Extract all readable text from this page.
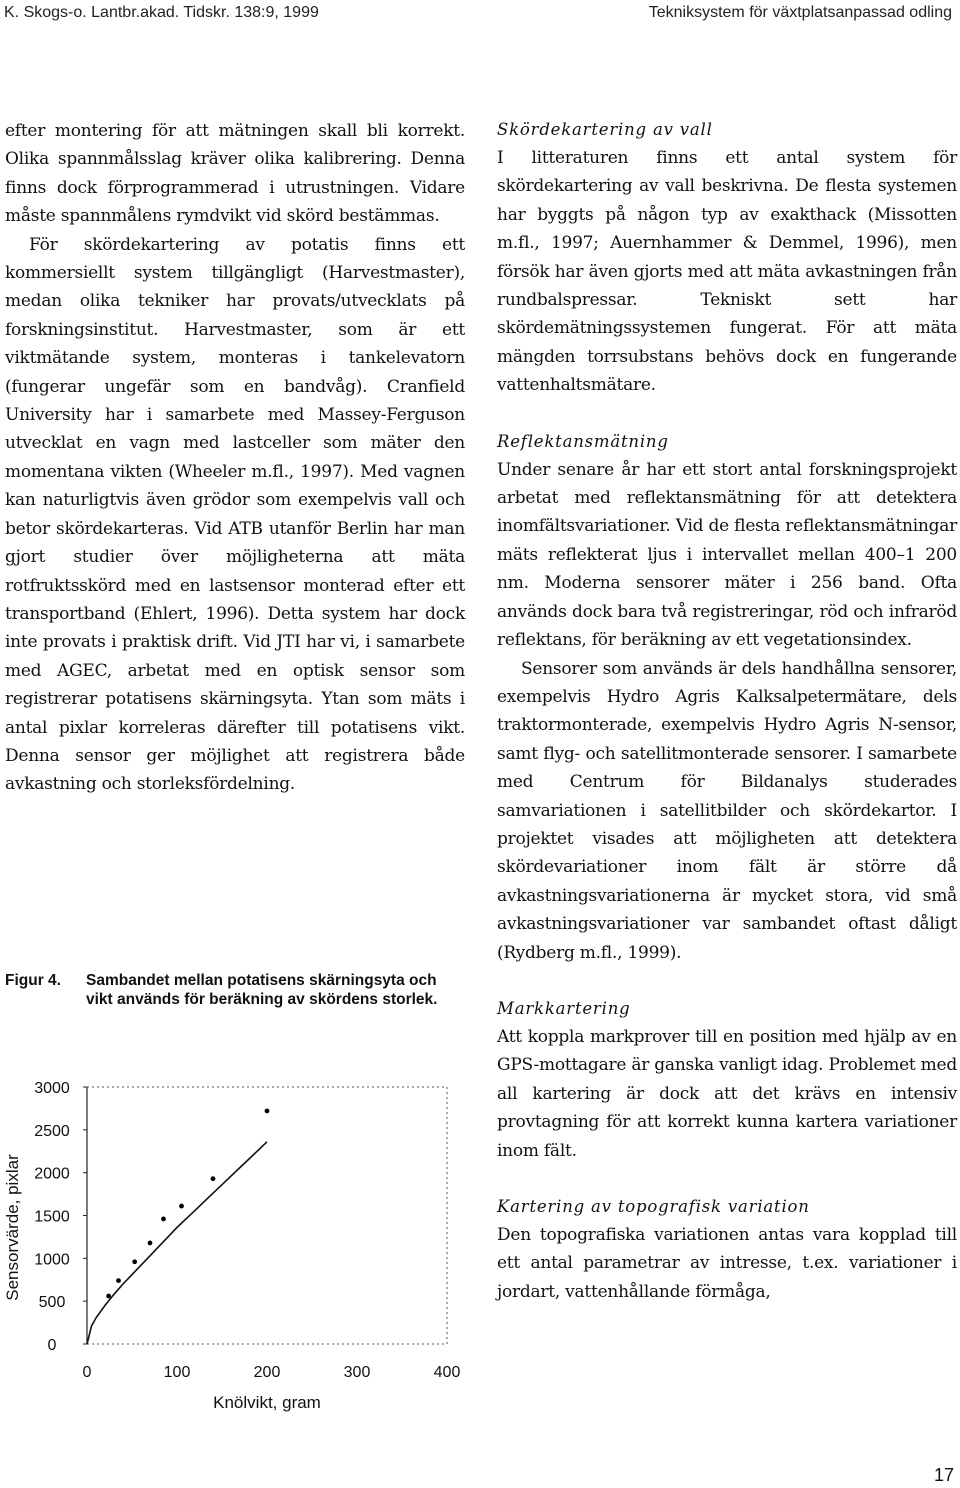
K. Skogs-o. Lantbr.akad. Tidskr. 138:9, 1999	Tekniksystem för växtplatsanpassad odling

efter montering för att mätningen skall bli korrekt. Olika spannmålsslag kräver olika kalibrering. Denna finns dock förprogrammerad i utrustningen. Vidare måste spannmålens rymdvikt vid skörd bestämmas.

För skördekartering av potatis finns ett kommersiellt system tillgängligt (Harvestmaster), medan olika tekniker har provats/utvecklats på forskningsinstitut. Harvestmaster, som är ett viktmätande system, monteras i tankelevatorn (fungerar ungefär som en bandvåg). Cranfield University har i samarbete med Massey-Ferguson utvecklat en vagn med lastceller som mäter den momentana vikten (Wheeler m.fl., 1997). Med vagnen kan naturligtvis även grödor som exempelvis vall och betor skördekarteras. Vid ATB utanför Berlin har man gjort studier över möjligheterna att mäta rotfruktsskörd med en lastsensor monterad efter ett transportband (Ehlert, 1996). Detta system har dock inte provats i praktisk drift. Vid JTI har vi, i samarbete med AGEC, arbetat med en optisk sensor som registrerar potatisens skärningsyta. Ytan som mäts i antal pixlar korreleras därefter till potatisens vikt. Denna sensor ger möjlighet att registrera både avkastning och storleksfördelning.

Figur 4. Sambandet mellan potatisens skärningsyta och vikt används för beräkning av skördens storlek.
0
500
1000
1500
2000
2500
3000
0	100	200	300	400
Knölvikt, gram
Sensorvärde, pixlar

Skördekartering av vall

I litteraturen finns ett antal system för skördekartering av vall beskrivna. De flesta systemen har byggts på någon typ av exakthack (Missotten m.fl., 1997; Auernhammer & Demmel, 1996), men försök har även gjorts med att mäta avkastningen från rundbalspressar. Tekniskt sett har skördemätningssystemen fungerat. För att mäta mängden torrsubstans behövs dock en fungerande vattenhaltsmätare.

Reflektansmätning

Under senare år har ett stort antal forskningsprojekt arbetat med reflektansmätning för att detektera inomfältsvariationer. Vid de flesta reflektansmätningar mäts reflekterat ljus i intervallet mellan 400–1 200 nm. Moderna sensorer mäter i 256 band. Ofta används dock bara två registreringar, röd och infraröd reflektans, för beräkning av ett vegetationsindex.

Sensorer som används är dels handhållna sensorer, exempelvis Hydro Agris Kalksalpetermätare, dels traktormonterade, exempelvis Hydro Agris N-sensor, samt flyg- och satellitmonterade sensorer. I samarbete med Centrum för Bildanalys studerades samvariationen i satellitbilder och skördekartor. I projektet visades att möjligheten att detektera skördevariationer inom fält är större då avkastningsvariationerna är mycket stora, vid små avkastningsvariationer var sambandet oftast dåligt (Rydberg m.fl., 1999).

Markkartering

Att koppla markprover till en position med hjälp av en GPS-mottagare är ganska vanligt idag. Problemet med all kartering är dock att det krävs en intensiv provtagning för att korrekt kunna kartera variationer inom fält.

Kartering av topografisk variation

Den topografiska variationen antas vara kopplad till ett antal parametrar av intresse, t.ex. variationer i jordart, vattenhållande förmåga,

17
